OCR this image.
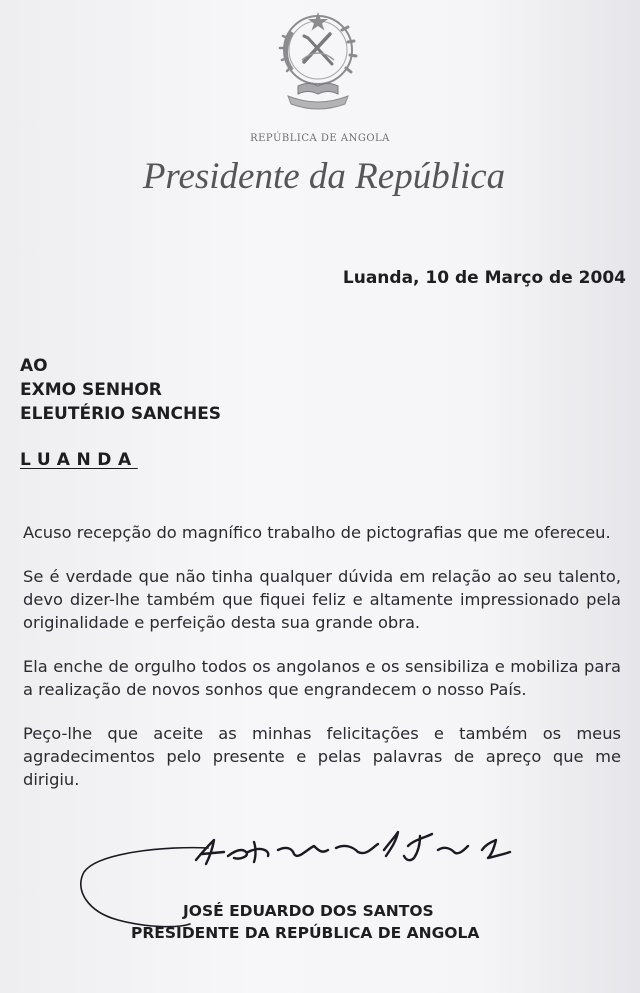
REPÚBLICA DE ANGOLA
Presidente da República
Luanda, 10 de Março de 2004
AO
EXMO SENHOR
ELEUTÉRIO SANCHES
LUANDA

Acuso recepção do magnífico trabalho de pictografias que me ofereceu.

Se é verdade que não tinha qualquer dúvida em relação ao seu talento, devo dizer-lhe também que fiquei feliz e altamente impressionado pela originalidade e perfeição desta sua grande obra.

Ela enche de orgulho todos os angolanos e os sensibiliza e mobiliza para a realização de novos sonhos que engrandecem o nosso País.

Peço-lhe que aceite as minhas felicitações e também os meus agradecimentos pelo presente e pelas palavras de apreço que me dirigiu.

JOSÉ EDUARDO DOS SANTOS
PRESIDENTE DA REPÚBLICA DE ANGOLA
